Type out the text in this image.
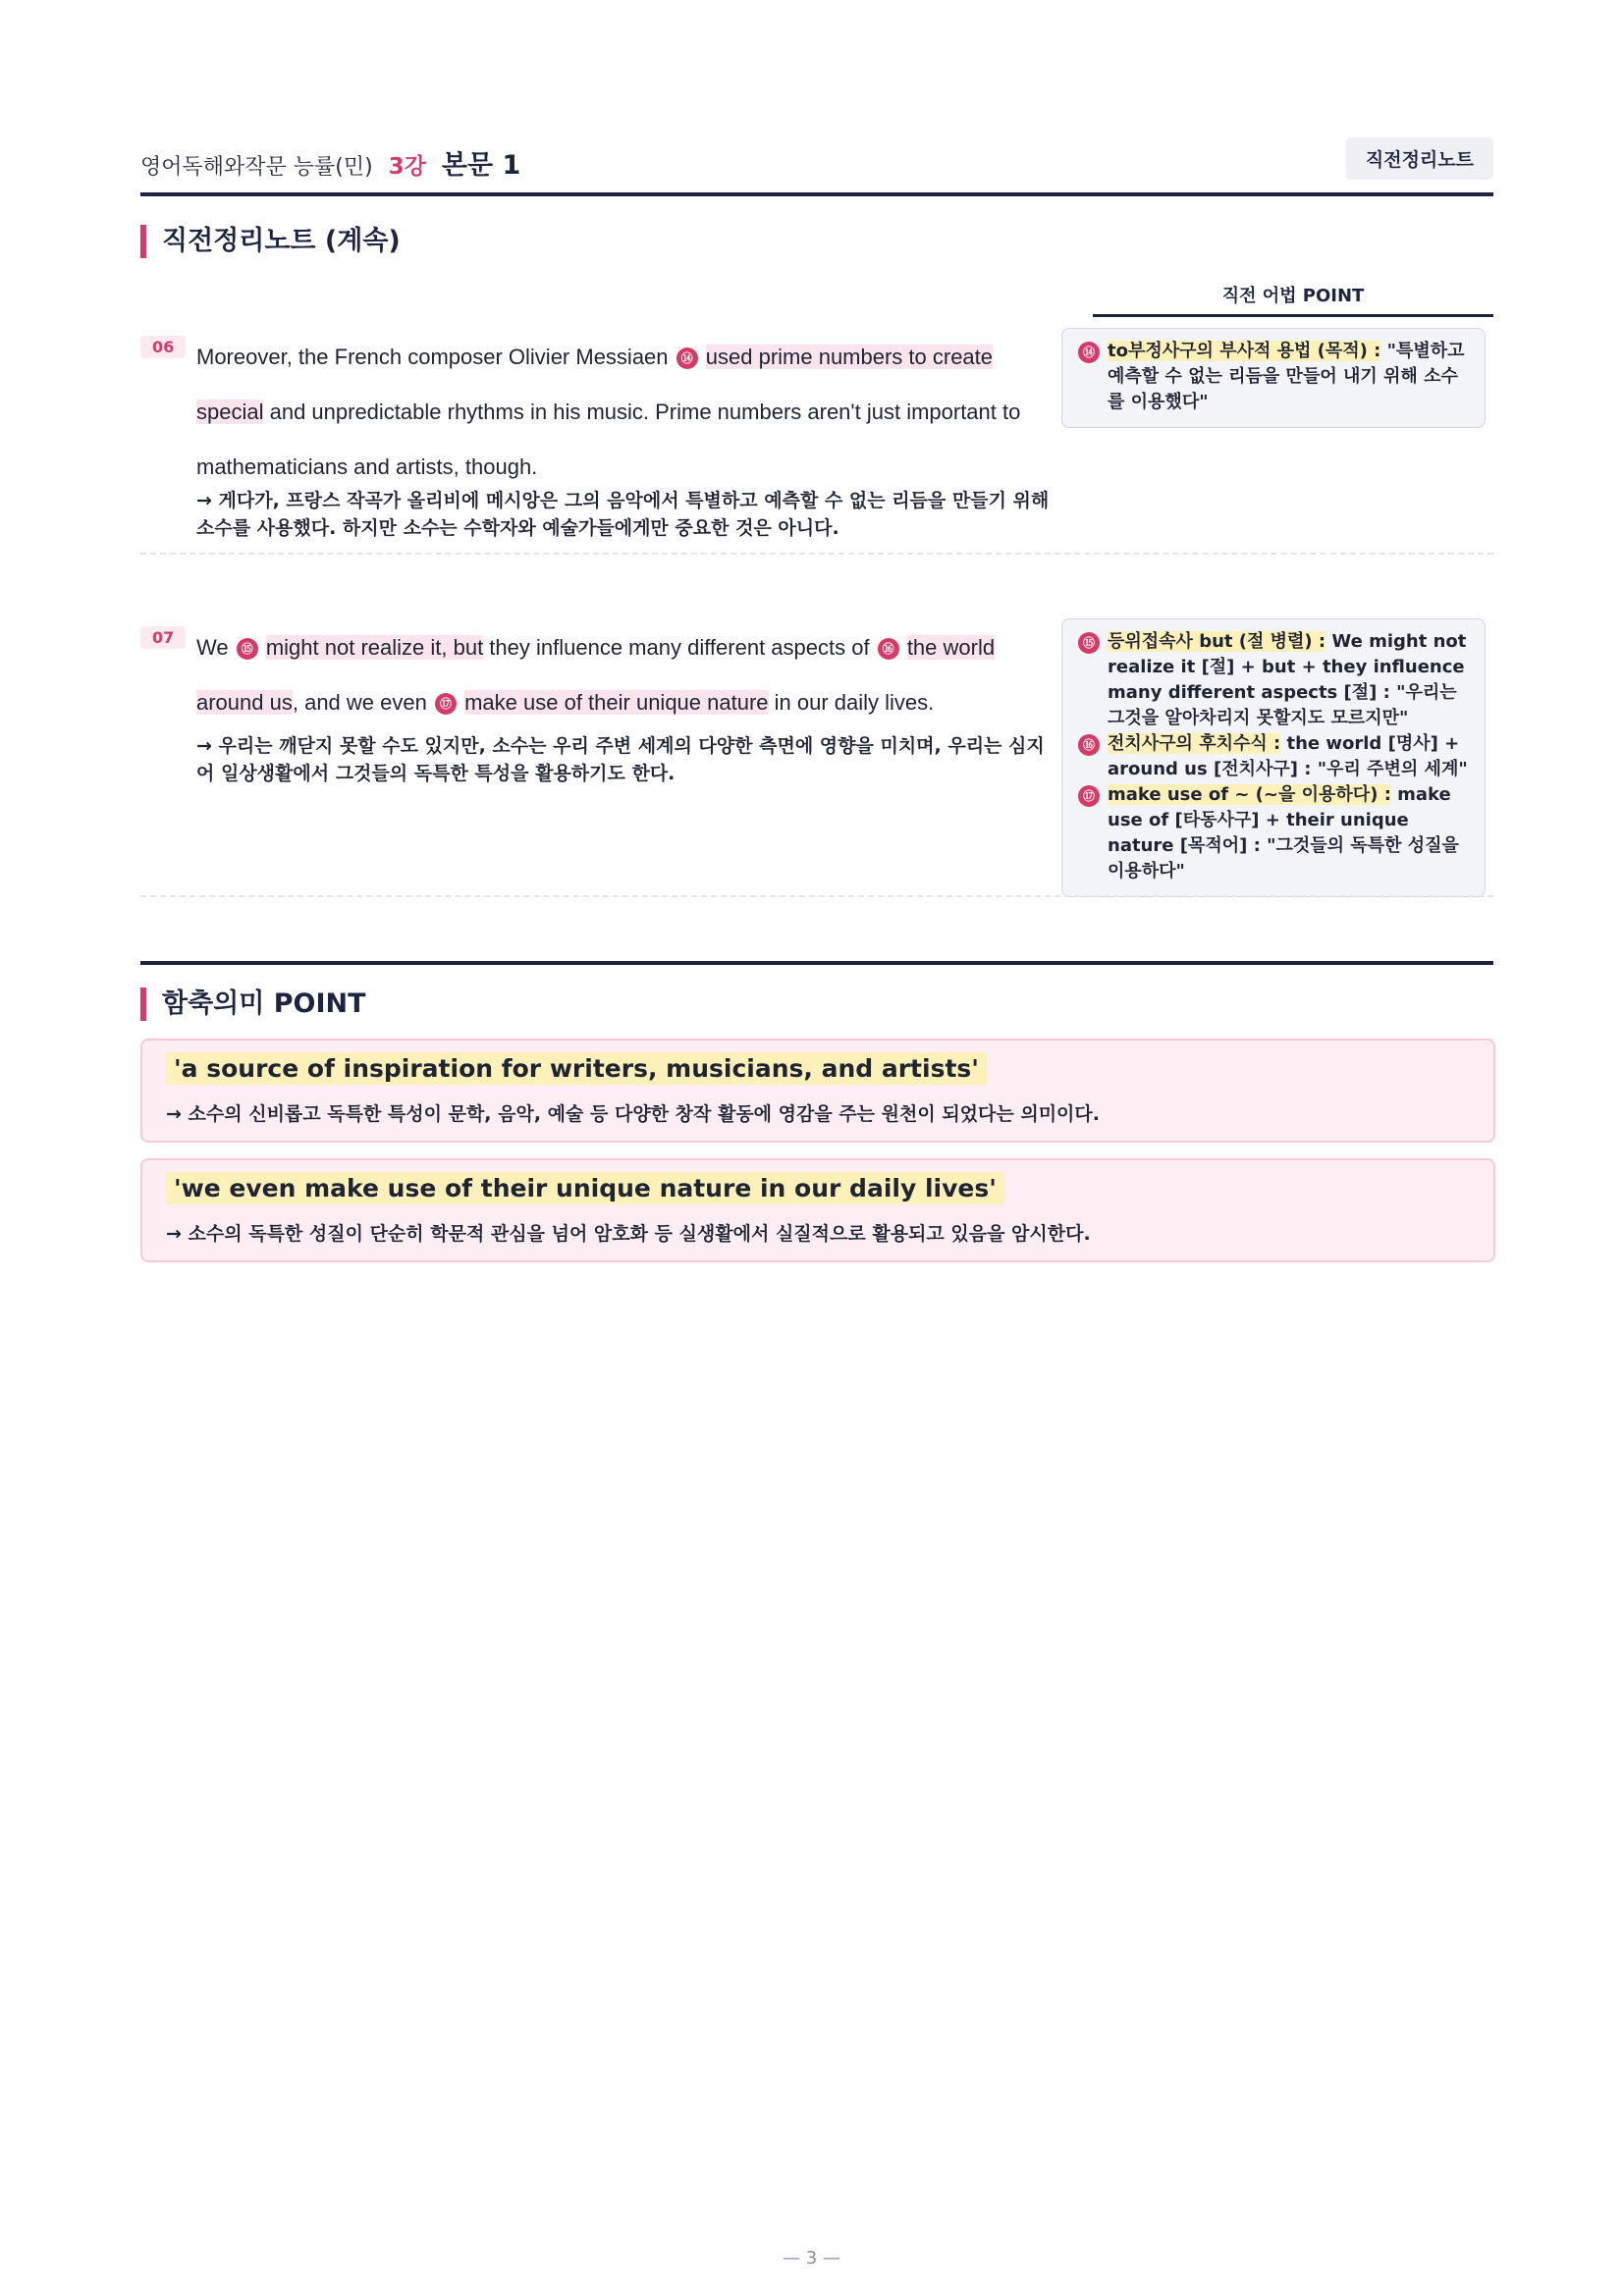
영어독해와작문 능률(민) 3강 본문 1	직전정리노트
직전정리노트 (계속)
직전 어법 POINT
06	Moreover, the French composer Olivier Messiaen ⑭ used prime numbers to create special and unpredictable rhythms in his music. Prime numbers aren't just important to mathematicians and artists, though.
→ 게다가, 프랑스 작곡가 올리비에 메시앙은 그의 음악에서 특별하고 예측할 수 없는 리듬을 만들기 위해 소수를 사용했다. 하지만 소수는 수학자와 예술가들에게만 중요한 것은 아니다.
⑭ to부정사구의 부사적 용법 (목적) : "특별하고 예측할 수 없는 리듬을 만들어 내기 위해 소수를 이용했다"
07	We ⑮ might not realize it, but they influence many different aspects of ⑯ the world around us, and we even ⑰ make use of their unique nature in our daily lives.
→ 우리는 깨닫지 못할 수도 있지만, 소수는 우리 주변 세계의 다양한 측면에 영향을 미치며, 우리는 심지어 일상생활에서 그것들의 독특한 특성을 활용하기도 한다.
⑮ 등위접속사 but (절 병렬) : We might not realize it [절] + but + they influence many different aspects [절] : "우리는 그것을 알아차리지 못할지도 모르지만"
⑯ 전치사구의 후치수식 : the world [명사] + around us [전치사구] : "우리 주변의 세계"
⑰ make use of ~ (~을 이용하다) : make use of [타동사구] + their unique nature [목적어] : "그것들의 독특한 성질을 이용하다"
함축의미 POINT
'a source of inspiration for writers, musicians, and artists'
→ 소수의 신비롭고 독특한 특성이 문학, 음악, 예술 등 다양한 창작 활동에 영감을 주는 원천이 되었다는 의미이다.
'we even make use of their unique nature in our daily lives'
→ 소수의 독특한 성질이 단순히 학문적 관심을 넘어 암호화 등 실생활에서 실질적으로 활용되고 있음을 암시한다.
— 3 —
